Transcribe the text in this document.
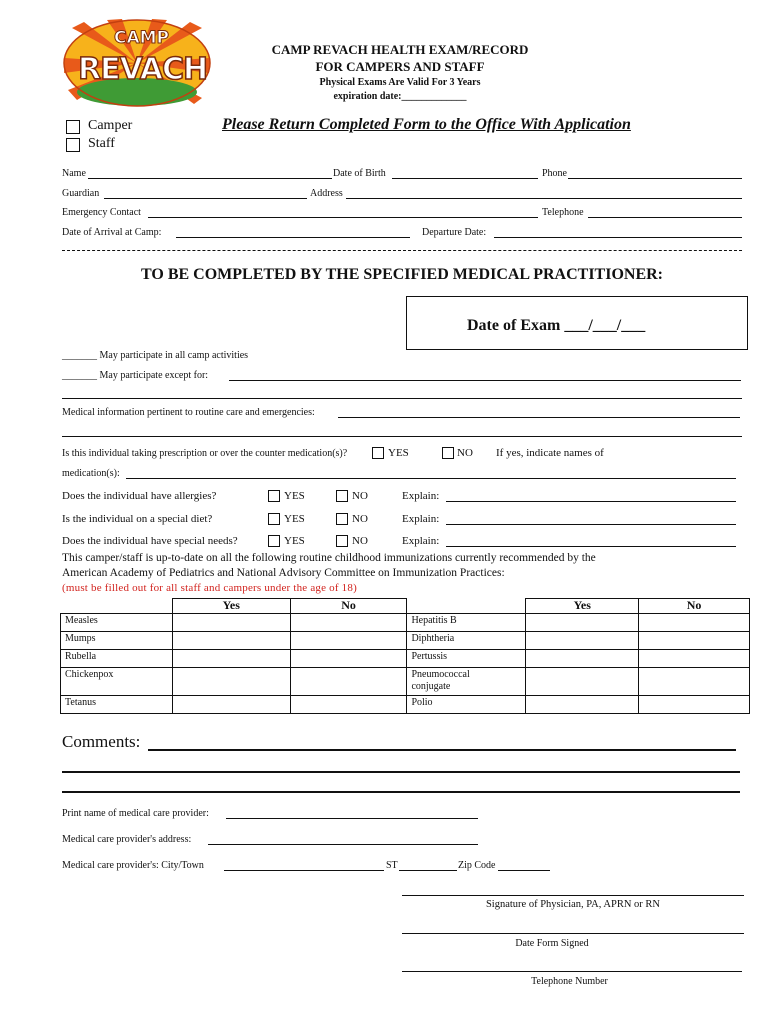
CAMP
REVACH
CAMP REVACH HEALTH EXAM/RECORD
FOR CAMPERS AND STAFF
Physical Exams Are Valid For 3 Years
expiration date:_____________
Camper
Staff
Please Return Completed Form to the Office With Application
Name	Date of Birth	Phone
Guardian	Address
Emergency Contact	Telephone
Date of Arrival at Camp:	Departure Date:
TO BE COMPLETED BY THE SPECIFIED MEDICAL PRACTITIONER:
Date of Exam ___/___/___
_______ May participate in all camp activities
_______ May participate except for:
Medical information pertinent to routine care and emergencies:
Is this individual taking prescription or over the counter medication(s)?	YES	NO If yes, indicate names of
medication(s):
Does the individual have allergies?	YES	NO	Explain:
Is the individual on a special diet?	YES	NO	Explain:
Does the individual have special needs?	YES	NO	Explain:
This camper/staff is up-to-date on all the following routine childhood immunizations currently recommended by the
American Academy of Pediatrics and National Advisory Committee on Immunization Practices:
(must be filled out for all staff and campers under the age of 18)
	Yes	No		Yes	No
Measles			Hepatitis B		
Mumps			Diphtheria		
Rubella			Pertussis		
Chickenpox			Pneumococcal conjugate		
Tetanus			Polio		
Comments:
Print name of medical care provider:
Medical care provider's address:
Medical care provider's: City/Town	ST	Zip Code
Signature of Physician, PA, APRN or RN
Date Form Signed
Telephone Number
